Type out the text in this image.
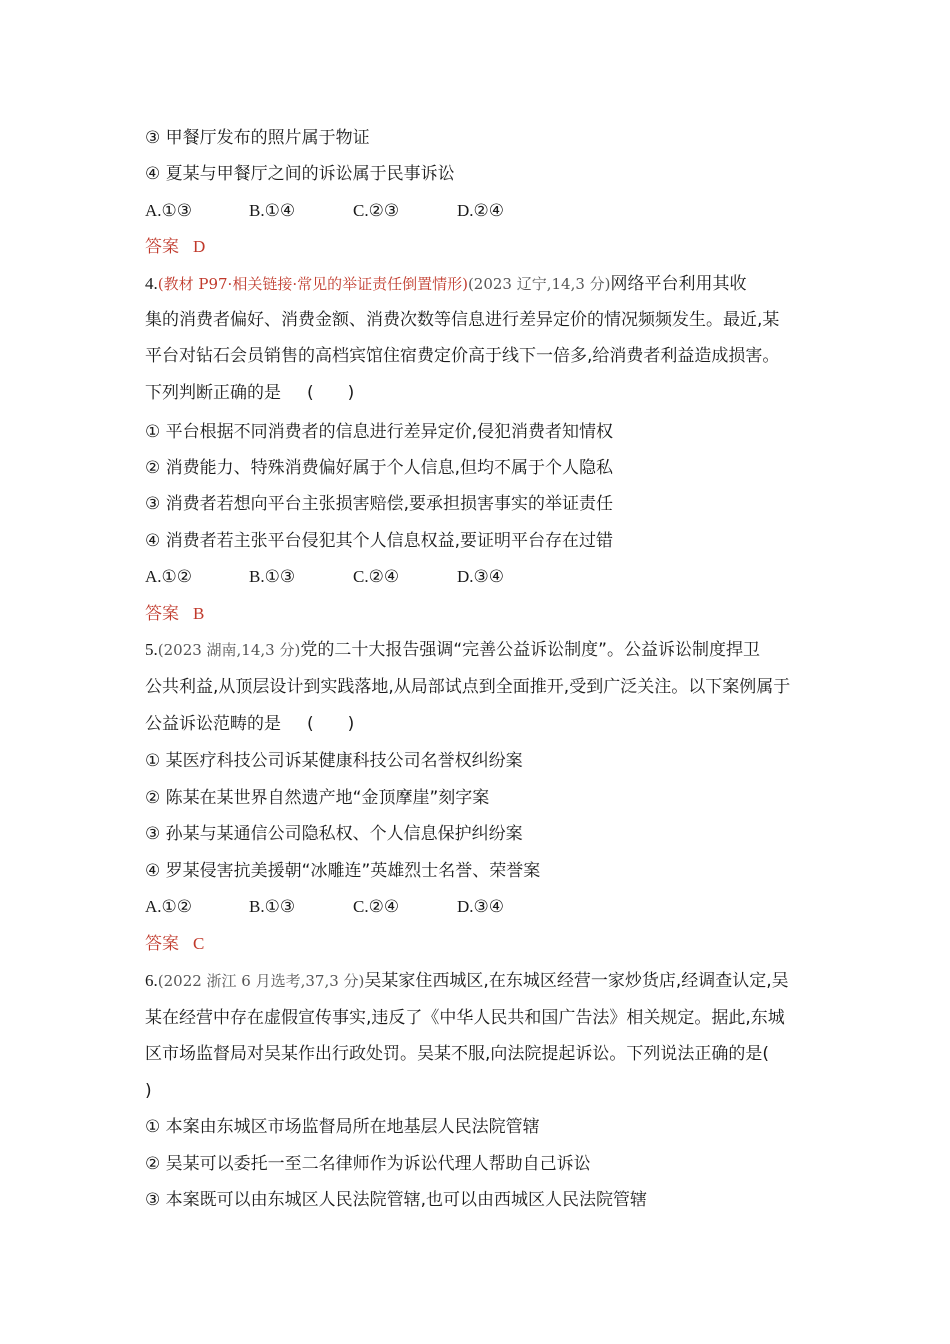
③ 甲餐厅发布的照片属于物证
④ 夏某与甲餐厅之间的诉讼属于民事诉讼
A.①③	B.①④	C.②③	D.②④
答案 D
4.(教材 P97·相关链接·常见的举证责任倒置情形)(2023 辽宁,14,3 分)网络平台利用其收
集的消费者偏好、消费金额、消费次数等信息进行差异定价的情况频频发生。最近,某
平台对钻石会员销售的高档宾馆住宿费定价高于线下一倍多,给消费者利益造成损害。
下列判断正确的是 (　　)
① 平台根据不同消费者的信息进行差异定价,侵犯消费者知情权
② 消费能力、特殊消费偏好属于个人信息,但均不属于个人隐私
③ 消费者若想向平台主张损害赔偿,要承担损害事实的举证责任
④ 消费者若主张平台侵犯其个人信息权益,要证明平台存在过错
A.①②	B.①③	C.②④	D.③④
答案 B
5.(2023 湖南,14,3 分)党的二十大报告强调“完善公益诉讼制度”。公益诉讼制度捍卫
公共利益,从顶层设计到实践落地,从局部试点到全面推开,受到广泛关注。以下案例属于
公益诉讼范畴的是 (　　)
① 某医疗科技公司诉某健康科技公司名誉权纠纷案
② 陈某在某世界自然遗产地“金顶摩崖”刻字案
③ 孙某与某通信公司隐私权、个人信息保护纠纷案
④ 罗某侵害抗美援朝“冰雕连”英雄烈士名誉、荣誉案
A.①②	B.①③	C.②④	D.③④
答案 C
6.(2022 浙江 6 月选考,37,3 分)吴某家住西城区,在东城区经营一家炒货店,经调查认定,吴
某在经营中存在虚假宣传事实,违反了《中华人民共和国广告法》相关规定。据此,东城
区市场监督局对吴某作出行政处罚。吴某不服,向法院提起诉讼。下列说法正确的是(
)
① 本案由东城区市场监督局所在地基层人民法院管辖
② 吴某可以委托一至二名律师作为诉讼代理人帮助自己诉讼
③ 本案既可以由东城区人民法院管辖,也可以由西城区人民法院管辖
